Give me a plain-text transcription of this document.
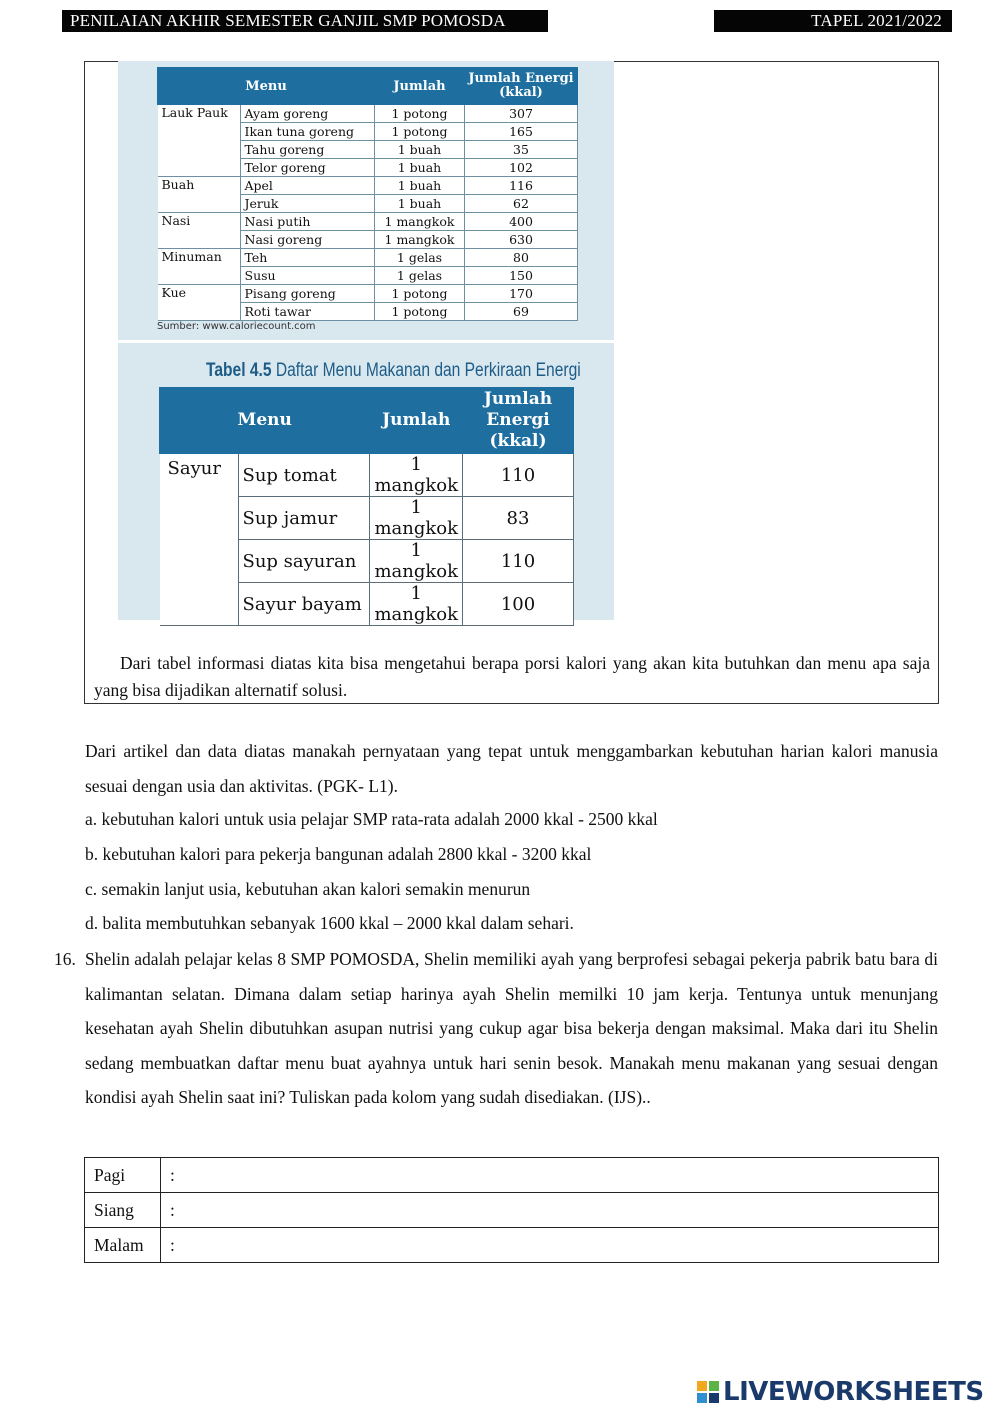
PENILAIAN AKHIR SEMESTER GANJIL SMP POMOSDA	TAPEL 2021/2022
Menu		Jumlah	Jumlah Energi
(kkal)
Lauk Pauk	Ayam goreng	1 potong	307
	Ikan tuna goreng	1 potong	165
	Tahu goreng	1 buah	35
	Telor goreng	1 buah	102
Buah	Apel	1 buah	116
	Jeruk	1 buah	62
Nasi	Nasi putih	1 mangkok	400
	Nasi goreng	1 mangkok	630
Minuman	Teh	1 gelas	80
	Susu	1 gelas	150
Kue	Pisang goreng	1 potong	170
	Roti tawar	1 potong	69
Sumber: www.caloriecount.com
Tabel 4.5 Daftar Menu Makanan dan Perkiraan Energi
Menu		Jumlah	Jumlah Energi
(kkal)
Sayur	Sup tomat	1 mangkok	110
	Sup jamur	1 mangkok	83
	Sup sayuran	1 mangkok	110
	Sayur bayam	1 mangkok	100
Dari tabel informasi diatas kita bisa mengetahui berapa porsi kalori yang akan kita butuhkan dan menu apa saja yang bisa dijadikan alternatif solusi.
Dari artikel dan data diatas manakah pernyataan yang tepat untuk menggambarkan kebutuhan harian kalori manusia sesuai dengan usia dan aktivitas. (PGK- L1).
a. kebutuhan kalori untuk usia pelajar SMP rata-rata adalah 2000 kkal - 2500 kkal
b. kebutuhan kalori para pekerja bangunan adalah 2800 kkal - 3200 kkal
c. semakin lanjut usia, kebutuhan akan kalori semakin menurun
d. balita membutuhkan sebanyak 1600 kkal – 2000 kkal dalam sehari.
16. Shelin adalah pelajar kelas 8 SMP POMOSDA, Shelin memiliki ayah yang berprofesi sebagai pekerja pabrik batu bara di kalimantan selatan. Dimana dalam setiap harinya ayah Shelin memilki 10 jam kerja. Tentunya untuk menunjang kesehatan ayah Shelin dibutuhkan asupan nutrisi yang cukup agar bisa bekerja dengan maksimal. Maka dari itu Shelin sedang membuatkan daftar menu buat ayahnya untuk hari senin besok. Manakah menu makanan yang sesuai dengan kondisi ayah Shelin saat ini? Tuliskan pada kolom yang sudah disediakan. (IJS)..
Pagi	:
Siang	:
Malam	:
LIVEWORKSHEETS
